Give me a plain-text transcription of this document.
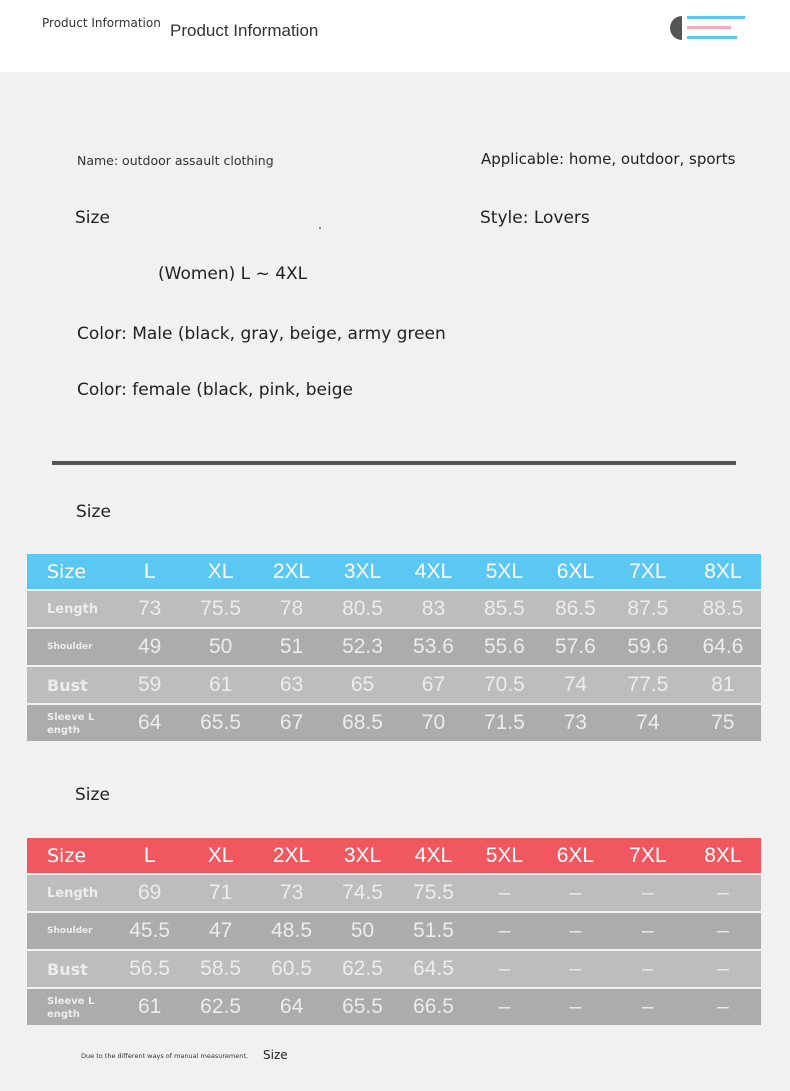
Product Information Product Information
Name: outdoor assault clothing	Applicable: home, outdoor, sports
Size	Style: Lovers
(Women) L ~ 4XL
Color: Male (black, gray, beige, army green
Color: female (black, pink, beige
Size
Size	L	XL	2XL	3XL	4XL	5XL	6XL	7XL	8XL
Length	73	75.5	78	80.5	83	85.5	86.5	87.5	88.5
Shoulder	49	50	51	52.3	53.6	55.6	57.6	59.6	64.6
Bust	59	61	63	65	67	70.5	74	77.5	81
Sleeve L ength	64	65.5	67	68.5	70	71.5	73	74	75
Size
Size	L	XL	2XL	3XL	4XL	5XL	6XL	7XL	8XL
Length	69	71	73	74.5	75.5	–	–	–	–
Shoulder	45.5	47	48.5	50	51.5	–	–	–	–
Bust	56.5	58.5	60.5	62.5	64.5	–	–	–	–
Sleeve L ength	61	62.5	64	65.5	66.5	–	–	–	–
Due to the different ways of manual measurement, Size
